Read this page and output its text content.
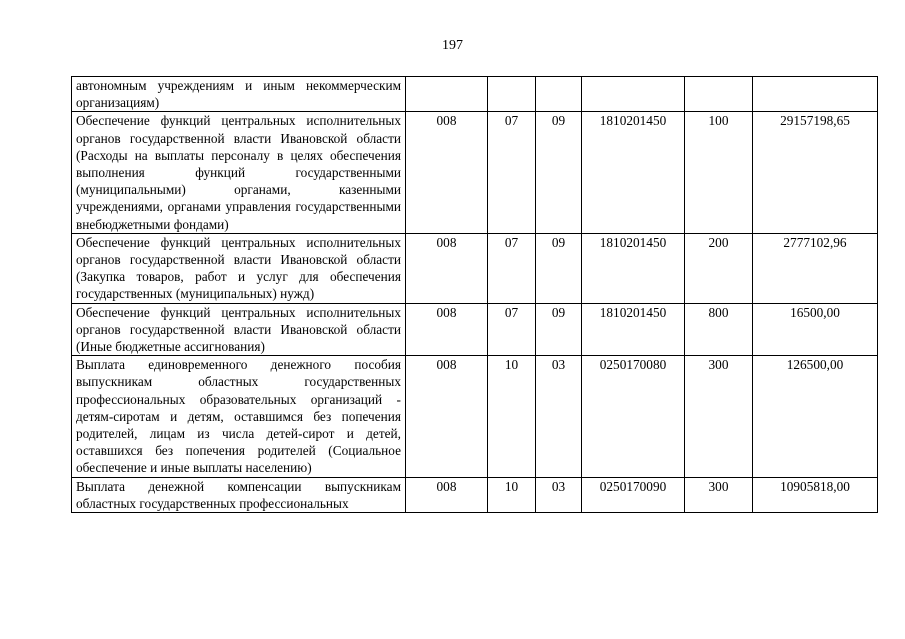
197
автономным учреждениям и иным некоммерческим организациям)						
Обеспечение функций центральных исполнительных органов государственной власти Ивановской области (Расходы на выплаты персоналу в целях обеспечения выполнения функций государственными (муниципальными) органами, казенными учреждениями, органами управления государственными внебюджетными фондами)	008	07	09	1810201450	100	29157198,65
Обеспечение функций центральных исполнительных органов государственной власти Ивановской области (Закупка товаров, работ и услуг для обеспечения государственных (муниципальных) нужд)	008	07	09	1810201450	200	2777102,96
Обеспечение функций центральных исполнительных органов государственной власти Ивановской области (Иные бюджетные ассигнования)	008	07	09	1810201450	800	16500,00
Выплата единовременного денежного пособия выпускникам областных государственных профессиональных образовательных организаций - детям-сиротам и детям, оставшимся без попечения родителей, лицам из числа детей-сирот и детей, оставшихся без попечения родителей (Социальное обеспечение и иные выплаты населению)	008	10	03	0250170080	300	126500,00
Выплата денежной компенсации выпускникам областных государственных профессиональных	008	10	03	0250170090	300	10905818,00
